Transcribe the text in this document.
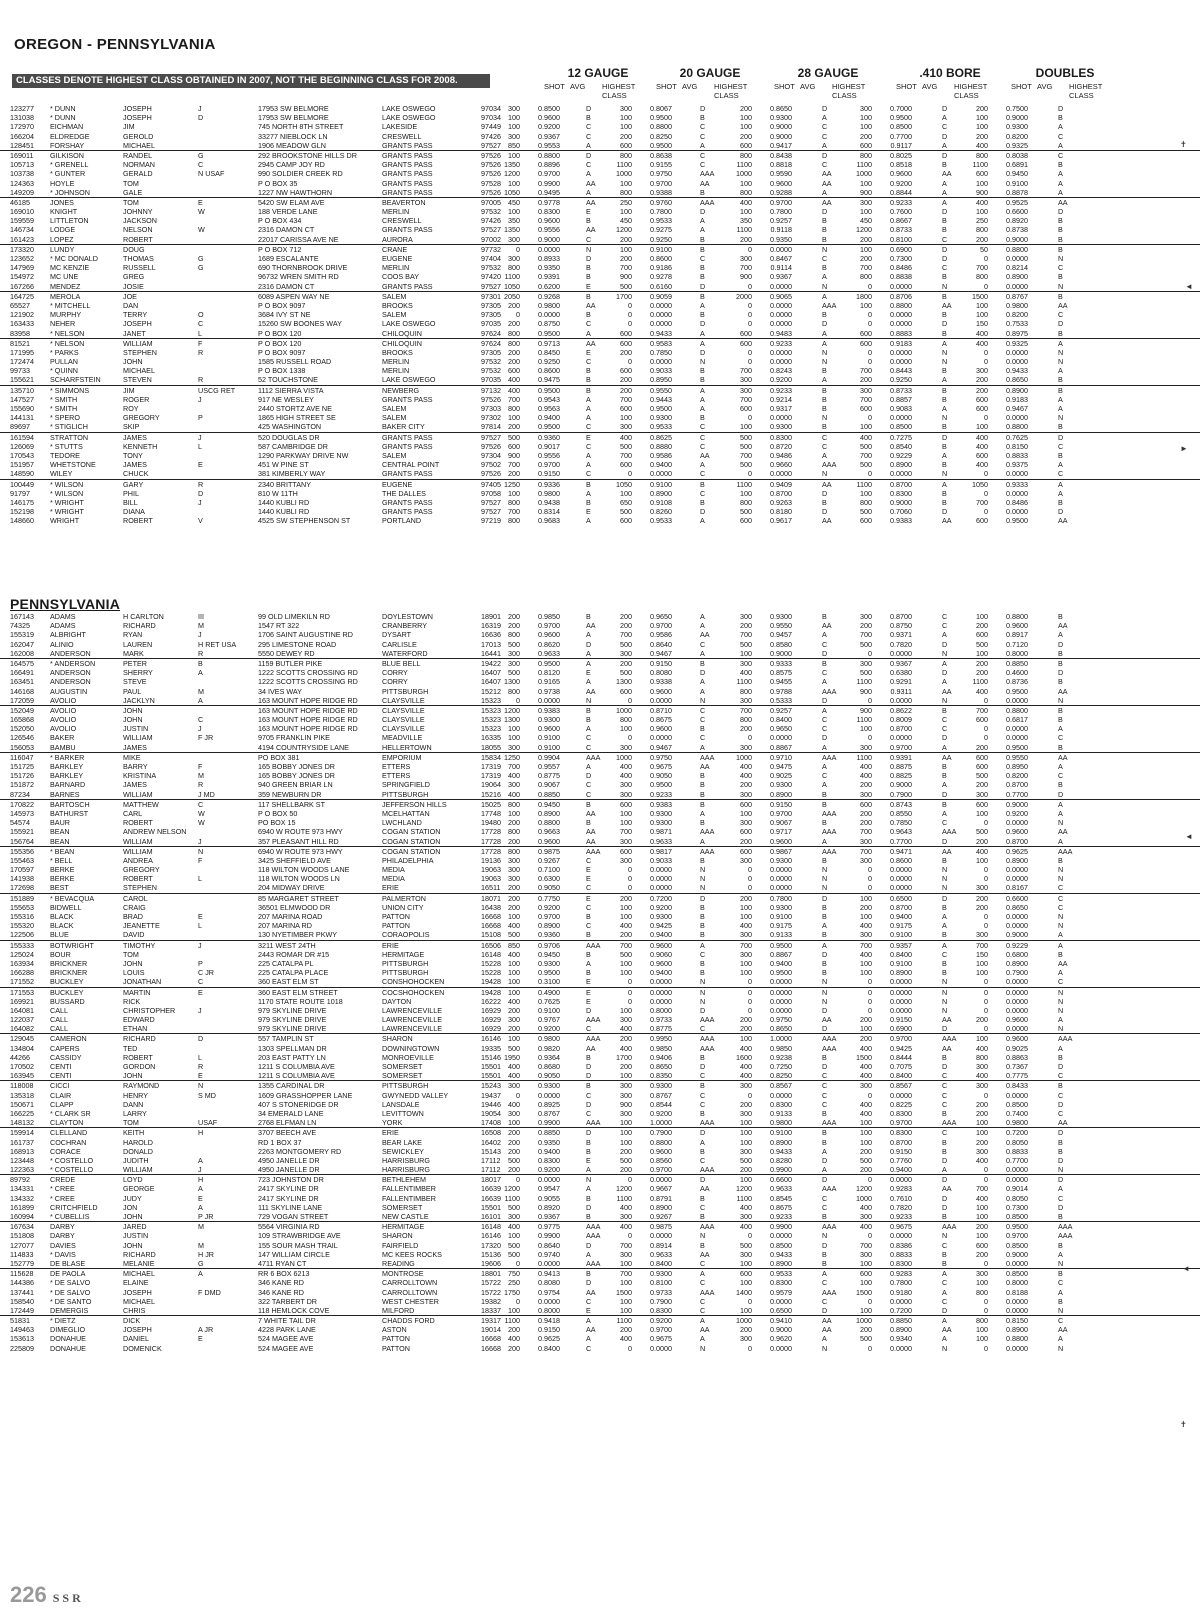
OREGON - PENNSYLVANIA
CLASSES DENOTE HIGHEST CLASS OBTAINED IN 2007, NOT THE BEGINNING CLASS FOR 2008.
12 GAUGE
SHOT AVG HIGHEST CLASS
20 GAUGE
SHOT AVG HIGHEST CLASS
28 GAUGE
SHOT AVG HIGHEST CLASS
.410 BORE
SHOT AVG HIGHEST CLASS
DOUBLES
SHOT AVG HIGHEST CLASS
123277	* DUNN	JOSEPH	J	17953 SW BELMORE	LAKE OSWEGO	97034 300	0.8500	D	300	0.8067	D	200	0.8650	D	300	0.7000	D	200	0.7500	D
131038	* DUNN	JOSEPH	D	17953 SW BELMORE	LAKE OSWEGO	97034 100	0.9600	B	100	0.9500	B	100	0.9300	A	100	0.9500	A	100	0.9000	B
172970	EICHMAN	JIM	745 NORTH 8TH STREET	LAKESIDE	97449 100	0.9200	C	100	0.8800	C	100	0.9000	C	100	0.8500	C	100	0.9300	A
166204	ELDREDGE	GEROLD	33277 NIEBLOCK LN	CRESWELL	97426 300	0.9367	C	200	0.8250	C	200	0.9000	C	200	0.7700	D	200	0.8200	C
128451	FORSHAY	MICHAEL	1906 MEADOW GLN	GRANTS PASS	97527 850	0.9553	A	600	0.9500	A	600	0.9417	A	600	0.9117	A	400	0.9325	A
169011	GILKISON	RANDEL	G	292 BROOKSTONE HILLS DR	GRANTS PASS	97526 100	0.8800	D	800	0.8638	C	800	0.8438	D	800	0.8025	D	800	0.8038	C
105713	* GRENELL	NORMAN	C	2945 CAMP JOY RD	GRANTS PASS	97526 1350	0.8896	C	1100	0.9155	C	1100	0.8818	C	1100	0.8518	B	1100	0.6891	B
103738	* GUNTER	GERALD	N USAF	990 SOLDIER CREEK RD	GRANTS PASS	97526 1200	0.9700	A	1000	0.9750	AAA	1000	0.9590	AA	1000	0.9600	AA	600	0.9450	A
124363	HOYLE	TOM	P O BOX 35	GRANTS PASS	97528 100	0.9900	AA	100	0.9700	AA	100	0.9600	AA	100	0.9200	A	100	0.9100	A
149209	* JOHNSON	GALE	1227 NW HAWTHORN	GRANTS PASS	97526 1050	0.9495	A	800	0.9388	B	800	0.9288	A	900	0.8844	A	900	0.8878	A
46185	JONES	TOM	E	5420 SW ELAM AVE	BEAVERTON	97005 450	0.9778	AA	250	0.9760	AAA	400	0.9700	AA	300	0.9233	A	400	0.9525	AA
169010	KNIGHT	JOHNNY	W	188 VERDE LANE	MERLIN	97532 100	0.8300	E	100	0.7800	D	100	0.7800	D	100	0.7600	D	100	0.6600	D
159559	LITTLETON	JACKSON	P O BOX 434	CRESWELL	97426 350	0.9600	B	450	0.9533	A	350	0.9257	B	450	0.8667	B	250	0.8920	B
146734	LODGE	NELSON	W	2316 DAMON CT	GRANTS PASS	97527 1350	0.9556	AA	1200	0.9275	A	1100	0.9118	B	1200	0.8733	B	800	0.8738	B
161423	LOPEZ	ROBERT	22017 CARISSA AVE NE	AURORA	97002 300	0.9000	C	200	0.9250	B	200	0.9350	B	200	0.8100	C	200	0.9000	B
173320	LUNDY	DOUG	P O BOX 712	CRANE	97732	0	0.0000	N	100	0.9100	B	0	0.0000	N	100	0.6900	D	50	0.8800	B
123652	* MC DONALD	THOMAS	G	1689 ESCALANTE	EUGENE	97404 300	0.8933	D	200	0.8600	C	300	0.8467	C	200	0.7300	D	0	0.0000	N
147969	MC KENZIE	RUSSELL	G	690 THORNBROOK DRIVE	MERLIN	97532 800	0.9350	B	700	0.9186	B	700	0.9114	B	700	0.8486	C	700	0.8214	C
154972	MC UNE	GREG	96732 WREN SMITH RD	COOS BAY	97420 1100	0.9391	B	900	0.9278	B	900	0.9367	A	800	0.8838	B	800	0.8900	B
167266	MENDEZ	JOSIE	2316 DAMON CT	GRANTS PASS	97527 1050	0.6200	E	500	0.6160	D	0	0.0000	N	0	0.0000	N	0	0.0000	N
164725	MEROLA	JOE	6089 ASPEN WAY NE	SALEM	97301 2050	0.9268	B	1700	0.9059	B	2000	0.9065	A	1800	0.8706	B	1500	0.8767	B
65527	* MITCHELL	DAN	P O BOX 9097	BROOKS	97305 200	0.9800	AA	0	0.0000	A	0	0.0000	AAA	100	0.8800	AA	100	0.9800	AA
121902	MURPHY	TERRY	O	3684 IVY ST NE	SALEM	97305	0	0.0000	B	0	0.0000	B	0	0.0000	B	0	0.0000	B	100	0.8200	C
163433	NEHER	JOSEPH	C	15260 SW BOONES WAY	LAKE OSWEGO	97035 200	0.8750	C	0	0.0000	D	0	0.0000	D	0	0.0000	D	150	0.7533	D
83958	* NELSON	JANET	L	P O BOX 120	CHILOQUIN	97624 800	0.9500	A	600	0.9433	A	600	0.9483	A	600	0.8883	B	400	0.8975	B
81521	* NELSON	WILLIAM	F	P O BOX 120	CHILOQUIN	97624 800	0.9713	AA	600	0.9583	A	600	0.9233	A	600	0.9183	A	400	0.9325	A
171995	* PARKS	STEPHEN	R	P O BOX 9097	BROOKS	97305 200	0.8450	E	200	0.7850	D	0	0.0000	N	0	0.0000	N	0	0.0000	N
172474	PULLAN	JOHN	1585 RUSSELL ROAD	MERLIN	97532 200	0.9250	C	0	0.0000	N	0	0.0000	N	0	0.0000	N	0	0.0000	N
99733	* QUINN	MICHAEL	P O BOX 1338	MERLIN	97532 600	0.8600	B	600	0.9033	B	700	0.8243	B	700	0.8443	B	300	0.9433	A
155621	SCHARFSTEIN	STEVEN	R	52 TOUCHSTONE	LAKE OSWEGO	97035 400	0.9475	B	200	0.8950	B	300	0.9200	A	200	0.9250	A	200	0.8650	B
135710	* SIMMONS	JIM	USCG RET	1112 SIERRA VISTA	NEWBERG	97132 400	0.9500	B	200	0.9550	A	300	0.9233	B	300	0.8733	B	200	0.8900	B
147527	* SMITH	ROGER	J	917 NE WESLEY	GRANTS PASS	97526 700	0.9543	A	700	0.9443	A	700	0.9214	B	700	0.8857	B	600	0.9183	A
155690	* SMITH	ROY	2440 STORTZ AVE NE	SALEM	97303 800	0.9563	A	600	0.9500	A	600	0.9317	B	600	0.9083	A	600	0.9467	A
144131	* SPERO	GREGORY	P	1865 HIGH STREET SE	SALEM	97302 100	0.9400	A	100	0.9300	B	0	0.0000	N	0	0.0000	N	0	0.0000	N
89697	* STIGLICH	SKIP	425 WASHINGTON	BAKER CITY	97814 200	0.9500	C	300	0.9533	C	100	0.9300	B	100	0.8500	B	100	0.8800	B
161594	STRATTON	JAMES	J	520 DOUGLAS DR	GRANTS PASS	97527 500	0.9360	E	400	0.8625	C	500	0.8300	C	400	0.7275	D	400	0.7625	D
126069	* STUTTS	KENNETH	L	587 CAMBRIDGE DR	GRANTS PASS	97526 600	0.9017	C	500	0.8880	C	500	0.8720	C	500	0.8540	B	400	0.8150	C
170543	TEDORE	TONY	1290 PARKWAY DRIVE NW	SALEM	97304 900	0.9556	A	700	0.9586	AA	700	0.9486	A	700	0.9229	A	600	0.8833	B
151957	WHETSTONE	JAMES	E	451 W PINE ST	CENTRAL POINT	97502 700	0.9700	A	600	0.9400	A	500	0.9660	AAA	500	0.8900	B	400	0.9375	A
148590	WILEY	CHUCK	381 KIMBERLY WAY	GRANTS PASS	97526 200	0.9150	C	0	0.0000	C	0	0.0000	N	0	0.0000	N	0	0.0000	C
100449	* WILSON	GARY	R	2340 BRITTANY	EUGENE	97405 1250	0.9336	B	1050	0.9100	B	1100	0.9409	AA	1100	0.8700	A	1050	0.9333	A
91797	* WILSON	PHIL	D	810 W 11TH	THE DALLES	97058 100	0.9800	A	100	0.8900	C	100	0.8700	D	100	0.8300	B	0	0.0000	A
146175	* WRIGHT	BILL	J	1440 KUBLI RD	GRANTS PASS	97527 800	0.9438	B	650	0.9108	B	800	0.9263	B	800	0.9000	B	700	0.8486	B
152198	* WRIGHT	DIANA	1440 KUBLI RD	GRANTS PASS	97527 700	0.8314	E	500	0.8260	D	500	0.8180	D	500	0.7060	D	0	0.0000	D
148660	WRIGHT	ROBERT	V	4525 SW STEPHENSON ST	PORTLAND	97219 800	0.9683	A	600	0.9533	A	600	0.9617	AA	600	0.9383	AA	600	0.9500	AA
PENNSYLVANIA
167143	ADAMS	H CARLTON	III	99 OLD LIMEKILN RD	DOYLESTOWN	18901 200	0.9850	B	200	0.9650	A	300	0.9300	B	300	0.8700	C	100	0.8800	B
74325	ADAMS	RICHARD	M	1547 RT 322	CRANBERRY	16319 200	0.9700	AA	200	0.9700	A	200	0.9550	AA	200	0.8750	C	200	0.9600	AA
155319	ALBRIGHT	RYAN	J	1706 SAINT AUGUSTINE RD	DYSART	16636 800	0.9600	A	700	0.9586	AA	700	0.9457	A	700	0.9371	A	600	0.8917	A
162047	ALINIO	LAUREN	H RET USA	295 LIMESTONE ROAD	CARLISLE	17013 500	0.8620	D	500	0.8640	C	500	0.8580	C	500	0.7820	D	500	0.7120	D
162008	ANDERSON	MARK	R	5550 DEWEY RD	WATERFORD	16441 300	0.9633	A	300	0.9467	A	100	0.9000	D	0	0.0000	N	100	0.8000	B
164575	* ANDERSON	PETER	B	1159 BUTLER PIKE	BLUE BELL	19422 300	0.9500	A	200	0.9150	B	300	0.9333	B	300	0.9367	A	200	0.8850	B
166491	ANDERSON	SHERRY	A	1222 SCOTTS CROSSING RD	CORRY	16407 500	0.8120	E	500	0.8080	D	400	0.8575	C	500	0.6380	D	200	0.4600	D
163451	ANDERSON	STEVE	1222 SCOTTS CROSSING RD	CORRY	16407 1300	0.9165	A	1300	0.9338	A	1100	0.9455	A	1100	0.9291	A	1100	0.8736	B
146168	AUGUSTIN	PAUL	M	34 IVES WAY	PITTSBURGH	15212 800	0.9738	AA	600	0.9600	A	800	0.9788	AAA	900	0.9311	AA	400	0.9500	AA
172059	AVOLIO	JACKLYN	A	163 MOUNT HOPE RIDGE RD	CLAYSVILLE	15323	0	0.0000	N	0	0.0000	N	300	0.5333	D	0	0.0000	N	0	0.0000	N
152049	AVOLIO	JOHN	163 MOUNT HOPE RIDGE RD	CLAYSVILLE	15323 1200	0.9383	B	1000	0.8710	C	700	0.9257	A	900	0.8622	B	700	0.8800	B
165868	AVOLIO	JOHN	C	163 MOUNT HOPE RIDGE RD	CLAYSVILLE	15323 1300	0.9300	B	800	0.8675	C	800	0.8400	C	1100	0.8009	C	600	0.6817	B
152050	AVOLIO	JUSTIN	J	163 MOUNT HOPE RIDGE RD	CLAYSVILLE	15323 100	0.9600	A	100	0.9600	B	200	0.9650	C	100	0.8700	C	0	0.0000	A
126546	BAKER	WILLIAM	F JR	9705 FRANKLIN PIKE	MEADVILLE	16335 100	0.9100	C	0	0.0000	C	0	0.0000	D	0	0.0000	D	0	0.0000	C
156053	BAMBU	JAMES	4194 COUNTRYSIDE LANE	HELLERTOWN	18055 300	0.9100	C	300	0.9467	A	300	0.8867	A	300	0.9700	A	200	0.9500	B
116047	* BARKER	MIKE	PO BOX 381	EMPORIUM	15834 1250	0.9904	AAA	1000	0.9750	AAA	1000	0.9710	AAA	1100	0.9391	AA	600	0.9550	AA
151725	BARKLEY	BARRY	F	165 BOBBY JONES DR	ETTERS	17319 700	0.9557	A	400	0.9675	AA	400	0.9475	A	400	0.8875	B	600	0.8950	A
151726	BARKLEY	KRISTINA	M	165 BOBBY JONES DR	ETTERS	17319 400	0.8775	D	400	0.9050	B	400	0.9025	C	400	0.8825	B	500	0.8200	C
151872	BARNARD	JAMES	R	940 GREEN BRIAR LN	SPRINGFIELD	19064 300	0.9067	C	300	0.9500	B	200	0.9300	A	200	0.9000	A	200	0.8700	B
87234	BARNES	WILLIAM	J MD	359 NEWBURN DR	PITTSBURGH	15216 400	0.8850	C	300	0.9233	B	300	0.8900	B	300	0.7900	D	300	0.7700	D
170822	BARTOSCH	MATTHEW	C	117 SHELLBARK ST	JEFFERSON HILLS	15025 800	0.9450	B	600	0.9383	B	600	0.9150	B	600	0.8743	B	600	0.9000	A
145973	BATHURST	CARL	W	P O BOX 50	MCELHATTAN	17748 100	0.8900	AA	100	0.9300	A	100	0.9700	AAA	200	0.8550	A	100	0.9200	A
54574	BAUR	ROBERT	W	PO BOX 15	LWCHLAND	19480 200	0.8800	B	100	0.9300	B	300	0.9067	B	200	0.7850	C	0	0.0000	N
155921	BEAN	ANDREW NELSON	6940 W ROUTE 973 HWY	COGAN STATION	17728 800	0.9663	AA	700	0.9871	AAA	600	0.9717	AAA	700	0.9643	AAA	500	0.9600	AA
156764	BEAN	WILLIAM	J	357 PLEASANT HILL RD	COGAN STATION	17728 200	0.9600	AA	300	0.9633	A	200	0.9600	A	300	0.7700	D	200	0.8700	A
155356	* BEAN	WILLIAM	N	6940 W ROUTE 973 HWY	COGAN STATION	17728 800	0.9875	AAA	600	0.9817	AAA	600	0.9867	AAA	700	0.9471	AA	400	0.9625	AAA
155463	* BELL	ANDREA	F	3425 SHEFFIELD AVE	PHILADELPHIA	19136 300	0.9267	C	300	0.9033	B	300	0.9300	B	300	0.8600	B	100	0.8900	B
170597	BERKE	GREGORY	118 WILTON WOODS LANE	MEDIA	19063 300	0.7100	E	0	0.0000	N	0	0.0000	N	0	0.0000	N	0	0.0000	N
141938	BERKE	ROBERT	L	118 WILTON WOODS LN	MEDIA	19063 300	0.6300	E	0	0.0000	N	0	0.0000	N	0	0.0000	N	0	0.0000	N
172698	BEST	STEPHEN	204 MIDWAY DRIVE	ERIE	16511	200	0.9050	C	0	0.0000	N	0	0.0000	N	0	0.0000	N	300	0.8167	C
151889	* BEVACQUA	CAROL	85 MARGARET STREET	PALMERTON	18071 200	0.7750	E	200	0.7200	D	200	0.7800	D	100	0.6500	D	200	0.6600	C
155653	BIDWELL	CRAIG	36501 ELMWOOD DR	UNION CITY	16438 200	0.9200	C	100	0.9200	B	100	0.9300	B	200	0.8700	B	200	0.8650	C
155316	BLACK	BRAD	E	207 MARINA ROAD	PATTON	16668 100	0.9700	B	100	0.9300	B	100	0.9100	B	100	0.9400	A	0	0.0000	N
155320	BLACK	JEANETTE	L	207 MARINA RD	PATTON	16668 400	0.8900	C	400	0.9425	B	400	0.9175	A	400	0.9175	A	0	0.0000	N
122506	BLUE	DAVID	130 NYETIMBER PKWY	CORAOPOLIS	15108 500	0.9360	B	200	0.9400	B	300	0.9133	B	300	0.9100	B	300	0.9000	A
155333	BOTWRIGHT	TIMOTHY	J	3211 WEST 24TH	ERIE	16506 850	0.9706	AAA	700	0.9600	A	700	0.9500	A	700	0.9357	A	700	0.9229	A
125024	BOUR	TOM	2443 ROMAR DR #15	HERMITAGE	16148 400	0.9450	B	500	0.9060	C	300	0.8867	D	400	0.8400	C	150	0.6800	B
163934	BRICKNER	JOHN	P	225 CATALPA PL	PITTSBURGH	15228 100	0.9300	A	100	0.9600	B	100	0.9400	B	100	0.9100	B	100	0.8900	AA
166288	BRICKNER	LOUIS	C JR	225 CATALPA PLACE	PITTSBURGH	15228 100	0.9500	B	100	0.9400	B	100	0.9500	B	100	0.8900	B	100	0.7900	A
171552	BUCKLEY	JONATHAN	C	360 EAST ELM ST	CONSHOHOCKEN	19428 100	0.3100	E	0	0.0000	N	0	0.0000	N	0	0.0000	N	0	0.0000	C
171553	BUCKLEY	MARTIN	E	360 EAST ELM STREET	COCSHOHOCKEN	19428 100	0.4900	E	0	0.0000	N	0	0.0000	N	0	0.0000	N	0	0.0000	N
169921	BUSSARD	RICK	1170 STATE ROUTE 1018	DAYTON	16222 400	0.7625	E	0	0.0000	N	0	0.0000	N	0	0.0000	N	0	0.0000	N
164081	CALL	CHRISTOPHER	J	979 SKYLINE DRIVE	LAWRENCEVILLE	16929 200	0.9100	D	100	0.8000	D	0	0.0000	D	0	0.0000	N	0	0.0000	N
122037	CALL	EDWARD	979 SKYLINE DRIVE	LAWRENCEVILLE	16929 300	0.9767	AAA	300	0.9733	AAA	200	0.9750	AA	200	0.9150	AA	200	0.9600	A
164082	CALL	ETHAN	979 SKYLINE DRIVE	LAWRENCEVILLE	16929 200	0.9200	C	400	0.8775	C	200	0.8650	D	100	0.6900	D	0	0.0000	N
129045	CAMERON	RICHARD	D	557 TAMPLIN ST	SHARON	16146 100	0.9800	AAA	200	0.9950	AAA	100	1.0000	AAA	200	0.9700	AAA	100	0.9600	AAA
134804	CAPERS	TED	1303 SPELLMAN DR	DOWNINGTOWN	19335 500	0.9820	AA	400	0.9850	AAA	400	0.9850	AAA	400	0.9425	AA	400	0.9025	A
44266	CASSIDY	ROBERT	L	203 EAST PATTY LN	MONROEVILLE	15146 1950	0.9364	B	1700	0.9406	B	1600	0.9238	B	1500	0.8444	B	800	0.8863	B
170502	CENTI	GORDON	R	1211 S COLUMBIA AVE	SOMERSET	15501 400	0.8680	D	200	0.8650	D	400	0.7250	D	400	0.7075	D	300	0.7367	D
163945	CENTI	JOHN	E	1211 S COLUMBIA AVE	SOMERSET	15501 400	0.9050	D	100	0.8350	C	400	0.8250	C	400	0.8400	C	400	0.7775	C
118008	CICCI	RAYMOND	N	1355 CARDINAL DR	PITTSBURGH	15243 300	0.9300	B	300	0.9300	B	300	0.8567	C	300	0.8567	C	300	0.8433	B
135318	CLAIR	HENRY	S MD	1609 GRASSHOPPER LANE	GWYNEDD VALLEY	19437	0	0.0000	C	300	0.8767	C	0	0.0000	C	0	0.0000	C	0	0.0000	C
150671	CLAPP	DANN	407 S STONERIDGE DR	LANSDALE	19446 400	0.8925	D	900	0.8544	C	200	0.8300	C	400	0.8225	C	200	0.8500	D
166225	* CLARK SR	LARRY	34 EMERALD LANE	LEVITTOWN	19054 300	0.8767	C	300	0.9200	B	300	0.9133	B	400	0.8300	B	200	0.7400	C
148132	CLAYTON	TOM	USAF	2768 ELFMAN LN	YORK	17408 100	0.9900	AAA	100	1.0000	AAA	100	0.9800	AAA	100	0.9700	AAA	100	0.9800	AA
159914	CLELLAND	KEITH	H	3707 BEECH AVE	ERIE	16508 200	0.8850	D	100	0.7900	D	100	0.9100	B	100	0.8300	C	100	0.7200	D
161737	COCHRAN	HAROLD	RD 1 BOX 37	BEAR LAKE	16402 200	0.9350	B	100	0.8800	A	100	0.8900	B	100	0.8700	B	200	0.8050	B
168913	CORACE	DONALD	2263 MONTGOMERY RD	SEWICKLEY	15143 200	0.9400	B	200	0.9600	B	300	0.9433	A	200	0.9150	B	300	0.8833	B
123448	* COSTELLO	JUDITH	A	4950 JANELLE DR	HARRISBURG	17112	500	0.8300	E	500	0.8560	C	500	0.8280	D	500	0.7760	D	400	0.7700	D
122363	* COSTELLO	WILLIAM	J	4950 JANELLE DR	HARRISBURG	17112	200	0.9200	A	200	0.9700	AAA	200	0.9900	A	200	0.9400	A	0	0.0000	N
89792	CREDE	LOYD	H	723 JOHNSTON DR	BETHLEHEM	18017	0	0.0000	N	0	0.0000	D	100	0.6600	D	0	0.0000	D	0	0.0000	D
134331	* CREE	GEORGE	A	2417 SKYLINE DR	FALLENTIMBER	16639 1200	0.9547	A	1200	0.9667	AA	1200	0.9633	AAA	1200	0.9283	AA	700	0.9014	A
134332	* CREE	JUDY	E	2417 SKYLINE DR	FALLENTIMBER	16639 1100	0.9055	B	1100	0.8791	B	1100	0.8545	C	1000	0.7610	D	400	0.8050	C
161899	CRITCHFIELD	JON	A	111 SKYLINE LANE	SOMERSET	15501 500	0.8920	D	400	0.8900	C	400	0.8675	C	400	0.7820	D	100	0.7300	D
160994	* CUBELLIS	JOHN	P JR	729 VOGAN STREET	NEW CASTLE	16101 300	0.9367	B	300	0.9267	B	300	0.9233	B	300	0.9233	B	100	0.8500	B
167634	DARBY	JARED	M	5564 VIRGINIA RD	HERMITAGE	16148 400	0.9775	AAA	400	0.9875	AAA	400	0.9900	AAA	400	0.9675	AAA	200	0.9500	AAA
151808	DARBY	JUSTIN	109 STRAWBRIDGE AVE	SHARON	16146 100	0.9900	AAA	0	0.0000	N	0	0.0000	N	0	0.0000	N	100	0.9700	AAA
127077	DAVIES	JOHN	M	155 SOUR MASH TRAIL	FAIRFIELD	17320 500	0.8640	D	700	0.8914	B	500	0.8500	D	700	0.8386	C	600	0.8500	B
114833	* DAVIS	RICHARD	H JR	147 WILLIAM CIRCLE	MC KEES ROCKS	15136 500	0.9740	A	300	0.9633	AA	300	0.9433	B	300	0.8833	B	200	0.9000	A
152779	DE BLASE	MELANIE	G	4711 RYAN CT	READING	19606	0	0.0000	AAA	100	0.8400	C	100	0.8900	B	100	0.8300	B	0	0.0000	N
115628	DE PAOLA	MICHAEL	A	RR 6 BOX 6213	MONTROSE	18801 750	0.9413	B	700	0.9300	A	600	0.9533	A	600	0.9283	A	300	0.8500	B
144386	* DE SALVO	ELAINE	346 KANE RD	CARROLLTOWN	15722 250	0.8080	D	100	0.8100	C	100	0.8300	C	100	0.7800	C	100	0.8000	C
137441	* DE SALVO	JOSEPH	F DMD	346 KANE RD	CARROLLTOWN	15722 1750	0.9754	AA	1500	0.9733	AAA	1400	0.9579	AAA	1500	0.9180	A	800	0.8188	A
158540	* DE SANTO	MICHAEL	322 TARBERT DR	WEST CHESTER	19382	0	0.0000	C	100	0.7900	C	0	0.0000	C	0	0.0000	C	0	0.0000	B
172449	DEMERGIS	CHRIS	118 HEMLOCK COVE	MILFORD	18337 100	0.8000	E	100	0.8300	C	100	0.6500	D	100	0.7200	D	0	0.0000	N
51831	* DIETZ	DICK	7 WHITE TAIL DR	CHADDS FORD	19317 1100	0.9418	A	1100	0.9200	A	1000	0.9410	AA	1000	0.8850	A	800	0.8150	C
149463	DIMEGLIO	JOSEPH	A JR	4228 PARK LANE	ASTON	19014 200	0.9150	AA	200	0.9700	AA	200	0.9000	AA	200	0.8900	AA	100	0.8900	AA
153613	DONAHUE	DANIEL	E	524 MAGEE AVE	PATTON	16668 400	0.9625	A	400	0.9675	A	300	0.9620	A	500	0.9340	A	100	0.8800	A
225809	DONAHUE	DOMENICK	524 MAGEE AVE	PATTON	16668 200	0.8400	C	0	0.0000	N	0	0.0000	N	0	0.0000	N	0	0.0000	N
226 SSR
✝
◄
►
◄
◄
✝
